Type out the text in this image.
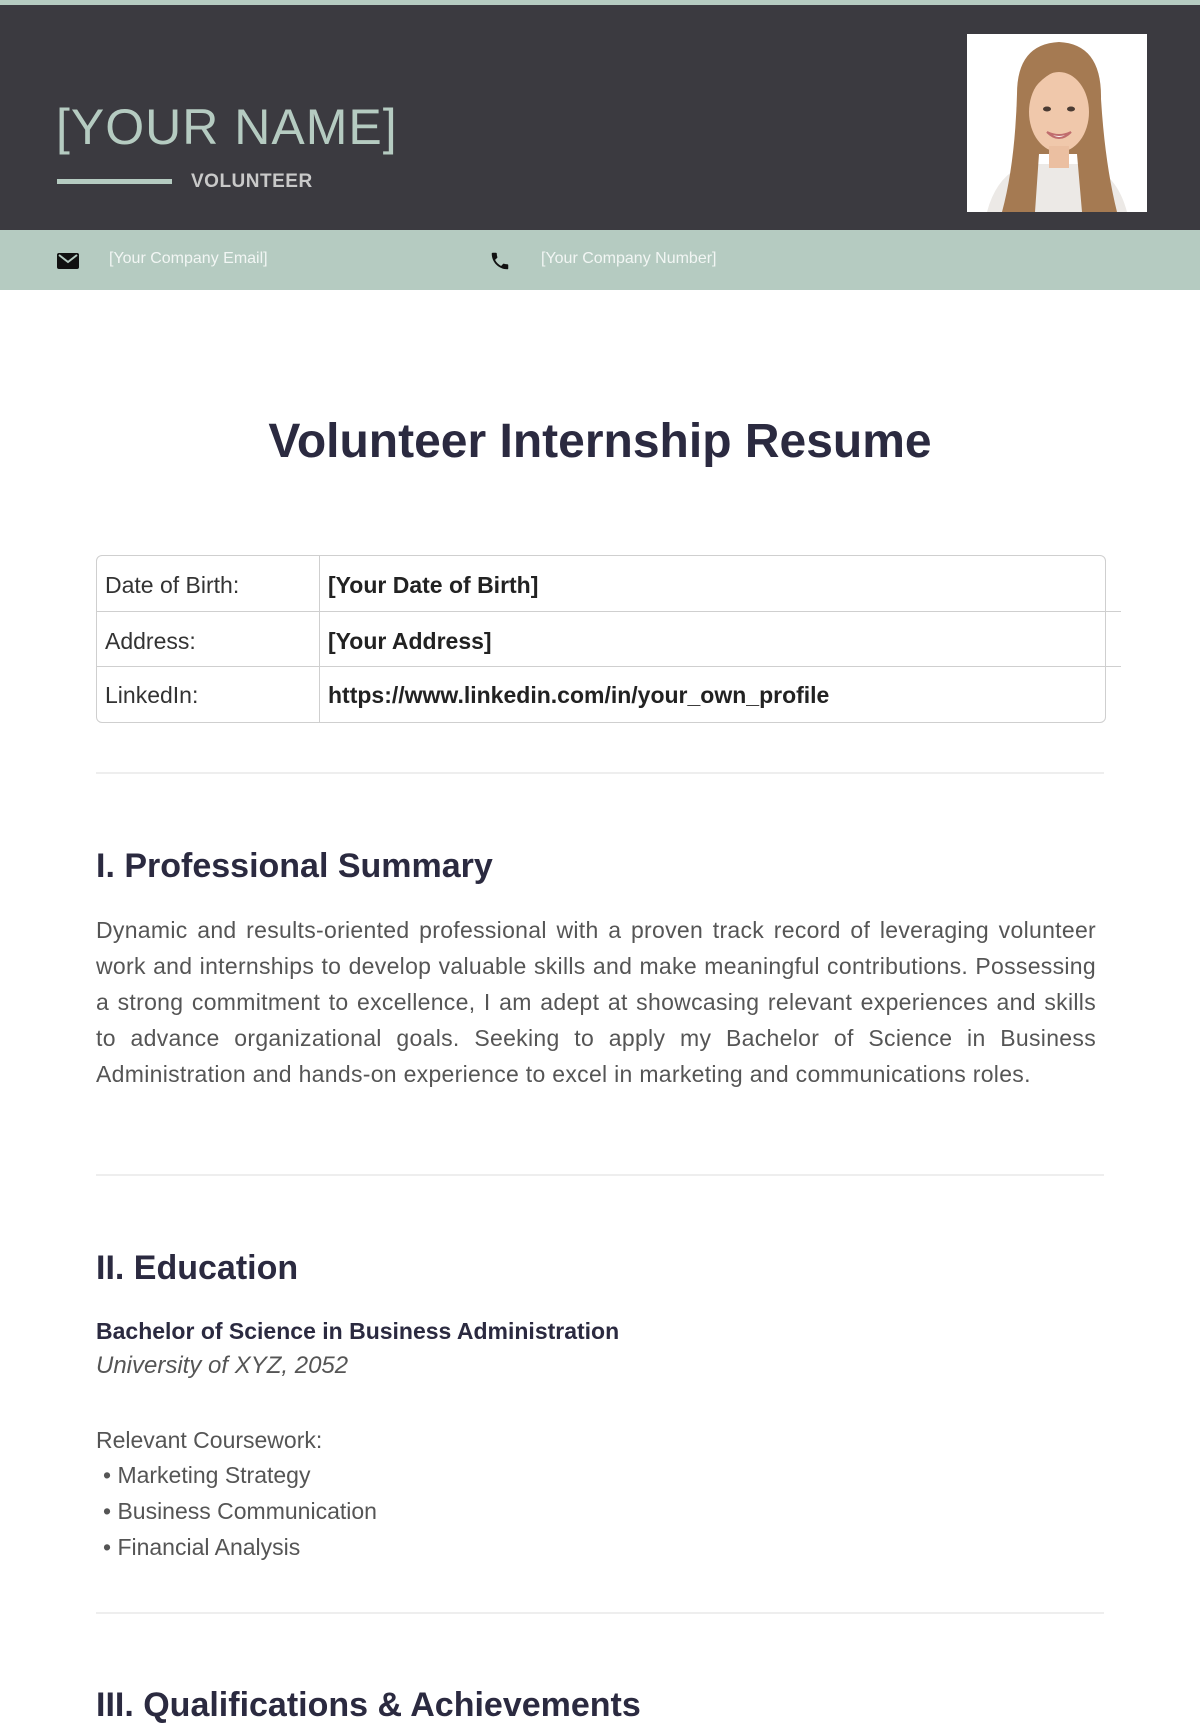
[YOUR NAME]
VOLUNTEER
[Your Company Email]	[Your Company Number]
Volunteer Internship Resume
Date of Birth:	[Your Date of Birth]
Address:	[Your Address]
LinkedIn:	https://www.linkedin.com/in/your_own_profile
I. Professional Summary
Dynamic and results-oriented professional with a proven track record of leveraging volunteer work and internships to develop valuable skills and make meaningful contributions. Possessing a strong commitment to excellence, I am adept at showcasing relevant experiences and skills to advance organizational goals. Seeking to apply my Bachelor of Science in Business Administration and hands-on experience to excel in marketing and communications roles.
II. Education
Bachelor of Science in Business Administration
University of XYZ, 2052
Relevant Coursework:
• Marketing Strategy
• Business Communication
• Financial Analysis
III. Qualifications & Achievements
